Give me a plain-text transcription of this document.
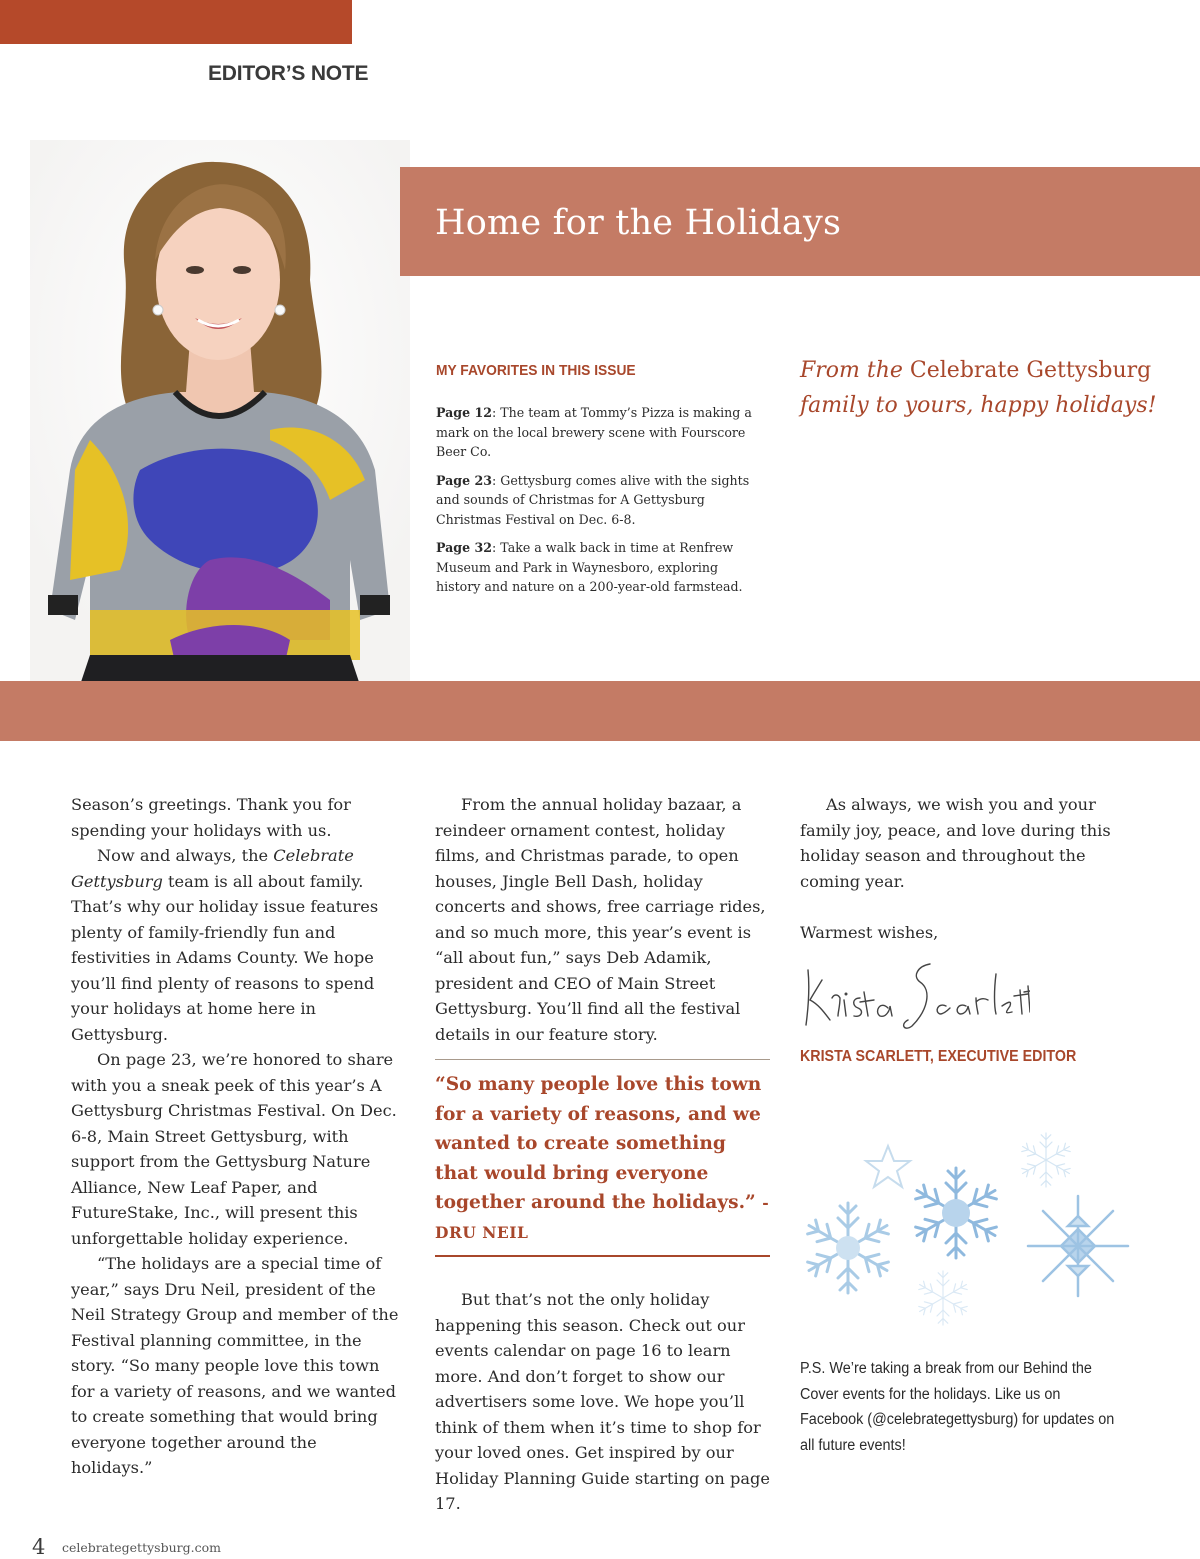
EDITOR’S NOTE
Home for the Holidays
MY FAVORITES IN THIS ISSUE

Page 12: The team at Tommy’s Pizza is making a mark on the local brewery scene with Fourscore Beer Co.

Page 23: Gettysburg comes alive with the sights and sounds of Christmas for A Gettysburg Christmas Festival on Dec. 6-8.

Page 32: Take a walk back in time at Renfrew Museum and Park in Waynesboro, exploring history and nature on a 200-year-old farmstead.

From the Celebrate Gettysburg
family to yours, happy holidays!

Season’s greetings. Thank you for spending your holidays with us.

Now and always, the Celebrate Gettysburg team is all about family. That’s why our holiday issue features plenty of family-friendly fun and festivities in Adams County. We hope you’ll find plenty of reasons to spend your holidays at home here in Gettysburg.

On page 23, we’re honored to share with you a sneak peek of this year’s A Gettysburg Christmas Festival. On Dec. 6-8, Main Street Gettysburg, with support from the Gettysburg Nature Alliance, New Leaf Paper, and FutureStake, Inc., will present this unforgettable holiday experience.

“The holidays are a special time of year,” says Dru Neil, president of the Neil Strategy Group and member of the Festival planning committee, in the story. “So many people love this town for a variety of reasons, and we wanted to create something that would bring everyone together around the holidays.”

From the annual holiday bazaar, a reindeer ornament contest, holiday films, and Christmas parade, to open houses, Jingle Bell Dash, holiday concerts and shows, free carriage rides, and so much more, this year’s event is “all about fun,” says Deb Adamik, president and CEO of Main Street Gettysburg. You’ll find all the festival details in our feature story.

“So many people love this town for a variety of reasons, and we wanted to create something that would bring everyone together around the holidays.” -DRU NEIL

But that’s not the only holiday happening this season. Check out our events calendar on page 16 to learn more. And don’t forget to show our advertisers some love. We hope you’ll think of them when it’s time to shop for your loved ones. Get inspired by our Holiday Planning Guide starting on page 17.

As always, we wish you and your family joy, peace, and love during this holiday season and throughout the coming year.

Warmest wishes,

KRISTA SCARLETT, EXECUTIVE EDITOR
P.S. We’re taking a break from our Behind the Cover events for the holidays. Like us on Facebook (@celebrategettysburg) for updates on all future events!
4 celebrategettysburg.com
